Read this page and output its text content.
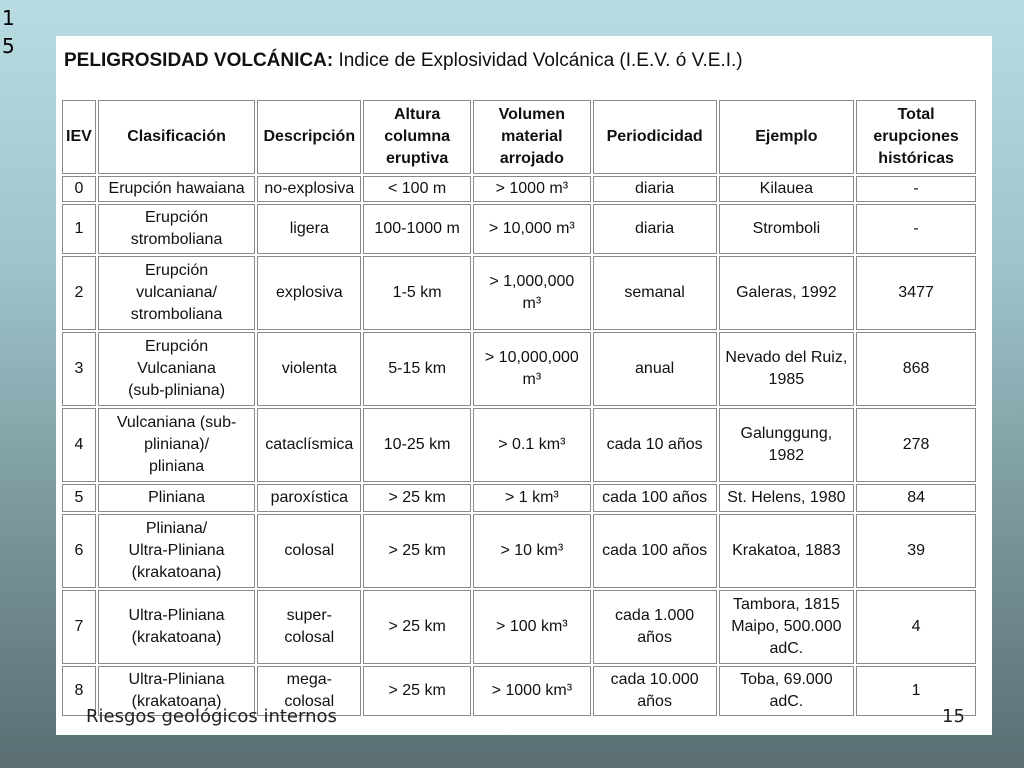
15
PELIGROSIDAD VOLCÁNICA: Indice de Explosividad Volcánica (I.E.V. ó V.E.I.)
IEV	Clasificación	Descripción	Altura
columna
eruptiva	Volumen
material
arrojado	Periodicidad	Ejemplo	Total
erupciones
históricas
0	Erupción hawaiana	no-explosiva	< 100 m	> 1000 m³	diaria	Kilauea	-
1	Erupción
stromboliana	ligera	100-1000 m	> 10,000 m³	diaria	Stromboli	-
2	Erupción
vulcaniana/
stromboliana	explosiva	1-5 km	> 1,000,000
m³	semanal	Galeras, 1992	3477
3	Erupción
Vulcaniana
(sub-pliniana)	violenta	5-15 km	> 10,000,000
m³	anual	Nevado del Ruiz,
1985	868
4	Vulcaniana (sub-
pliniana)/
pliniana	cataclísmica	10-25 km	> 0.1 km³	cada 10 años	Galunggung,
1982	278
5	Pliniana	paroxística	> 25 km	> 1 km³	cada 100 años	St. Helens, 1980	84
6	Pliniana/
Ultra-Pliniana
(krakatoana)	colosal	> 25 km	> 10 km³	cada 100 años	Krakatoa, 1883	39
7	Ultra-Pliniana
(krakatoana)	super-
colosal	> 25 km	> 100 km³	cada 1.000
años	Tambora, 1815
Maipo, 500.000
adC.	4
8	Ultra-Pliniana
(krakatoana)	mega-
colosal	> 25 km	> 1000 km³	cada 10.000
años	Toba, 69.000
adC.	1
Riesgos geológicos internos	15
